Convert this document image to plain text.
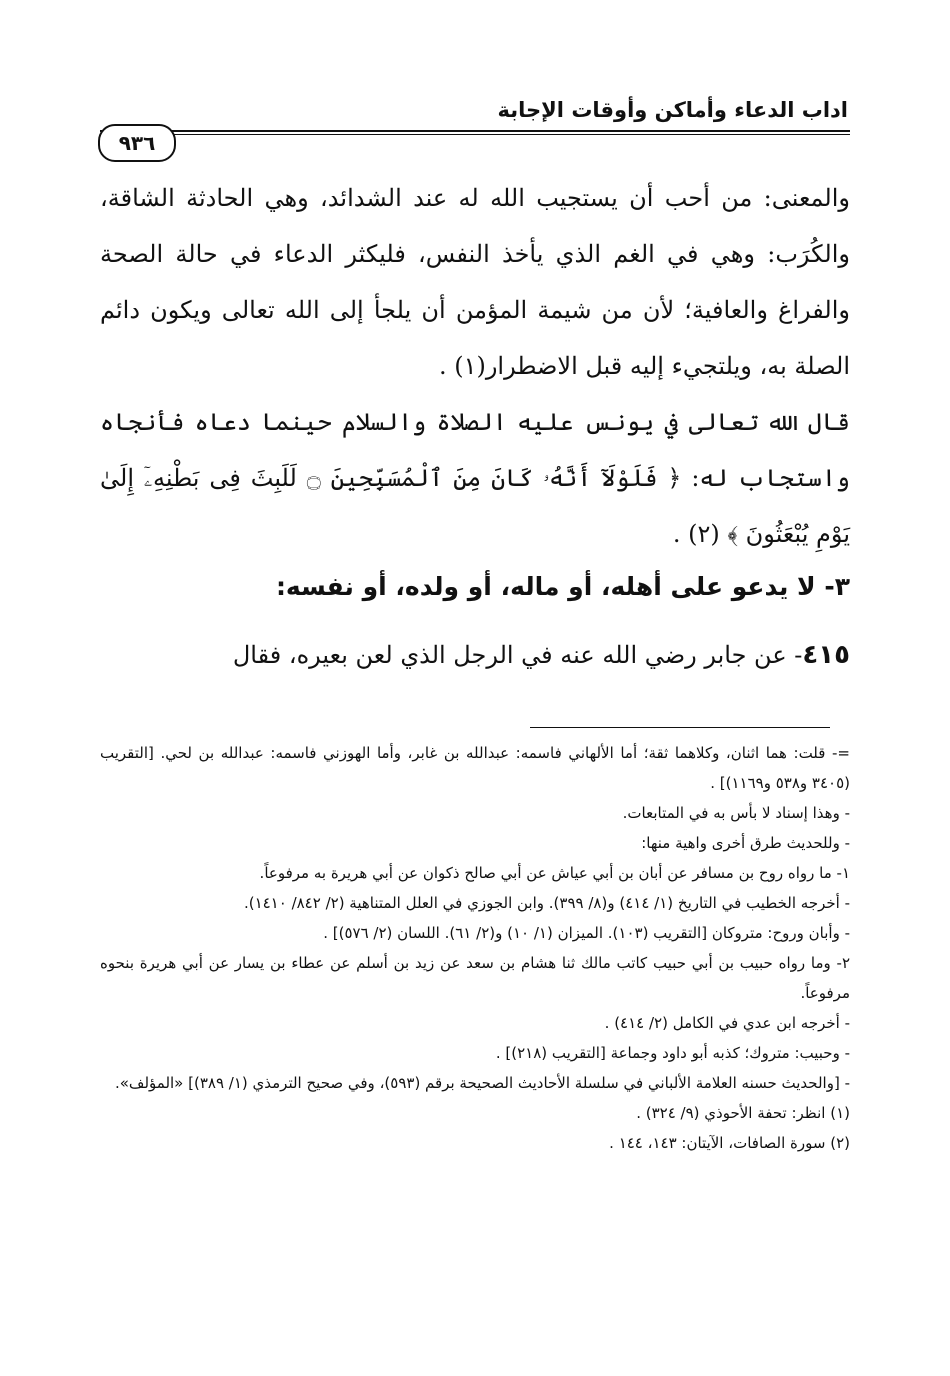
اداب الدعاء وأماكن وأوقات الإجابة
٩٣٦

والمعنى: من أحب أن يستجيب الله له عند الشدائد، وهي الحادثة الشاقة، والكُرَب: وهي في الغم الذي يأخذ النفس، فليكثر الدعاء في حالة الصحة والفراغ والعافية؛ لأن من شيمة المؤمن أن يلجأ إلى الله تعالى ويكون دائم الصلة به، ويلتجيء إليه قبل الاضطرار(١) .

قال الله تعالى في يونس عليه الصلاة والسلام حينما دعاه فأنجاه واستجاب له: ﴿ فَلَوْلَآ أَنَّهُۥ كَانَ مِنَ ٱلْمُسَبِّحِينَ ۝ لَلَبِثَ فِى بَطْنِهِۦٓ إِلَىٰ يَوْمِ يُبْعَثُونَ ﴾ (٢) .

٣- لا يدعو على أهله، أو ماله، أو ولده، أو نفسه:
٤١٥- عن جابر رضي الله عنه في الرجل الذي لعن بعيره، فقال

=- قلت: هما اثنان، وكلاهما ثقة؛ أما الألهاني فاسمه: عبدالله بن غابر، وأما الهوزني فاسمه: عبدالله بن لحي. [التقريب (٣٤٠٥ و٥٣٨ و١١٦٩)] .

- وهذا إسناد لا بأس به في المتابعات.

- وللحديث طرق أخرى واهية منها:

١- ما رواه روح بن مسافر عن أبان بن أبي عياش عن أبي صالح ذكوان عن أبي هريرة به مرفوعاً.

- أخرجه الخطيب في التاريخ (١/ ٤١٤) و(٨/ ٣٩٩). وابن الجوزي في العلل المتناهية (٢/ ٨٤٢/ ١٤١٠).

- وأبان وروح: متروكان [التقريب (١٠٣). الميزان (١/ ١٠) و(٢/ ٦١). اللسان (٢/ ٥٧٦)] .

٢- وما رواه حبيب بن أبي حبيب كاتب مالك ثنا هشام بن سعد عن زيد بن أسلم عن عطاء بن يسار عن أبي هريرة بنحوه مرفوعاً.

- أخرجه ابن عدي في الكامل (٢/ ٤١٤) .

- وحبيب: متروك؛ كذبه أبو داود وجماعة [التقريب (٢١٨)] .

- [والحديث حسنه العلامة الألباني في سلسلة الأحاديث الصحيحة برقم (٥٩٣)، وفي صحيح الترمذي (١/ ٣٨٩)] «المؤلف».

(١) انظر: تحفة الأحوذي (٩/ ٣٢٤) .

(٢) سورة الصافات، الآيتان: ١٤٣، ١٤٤ .
